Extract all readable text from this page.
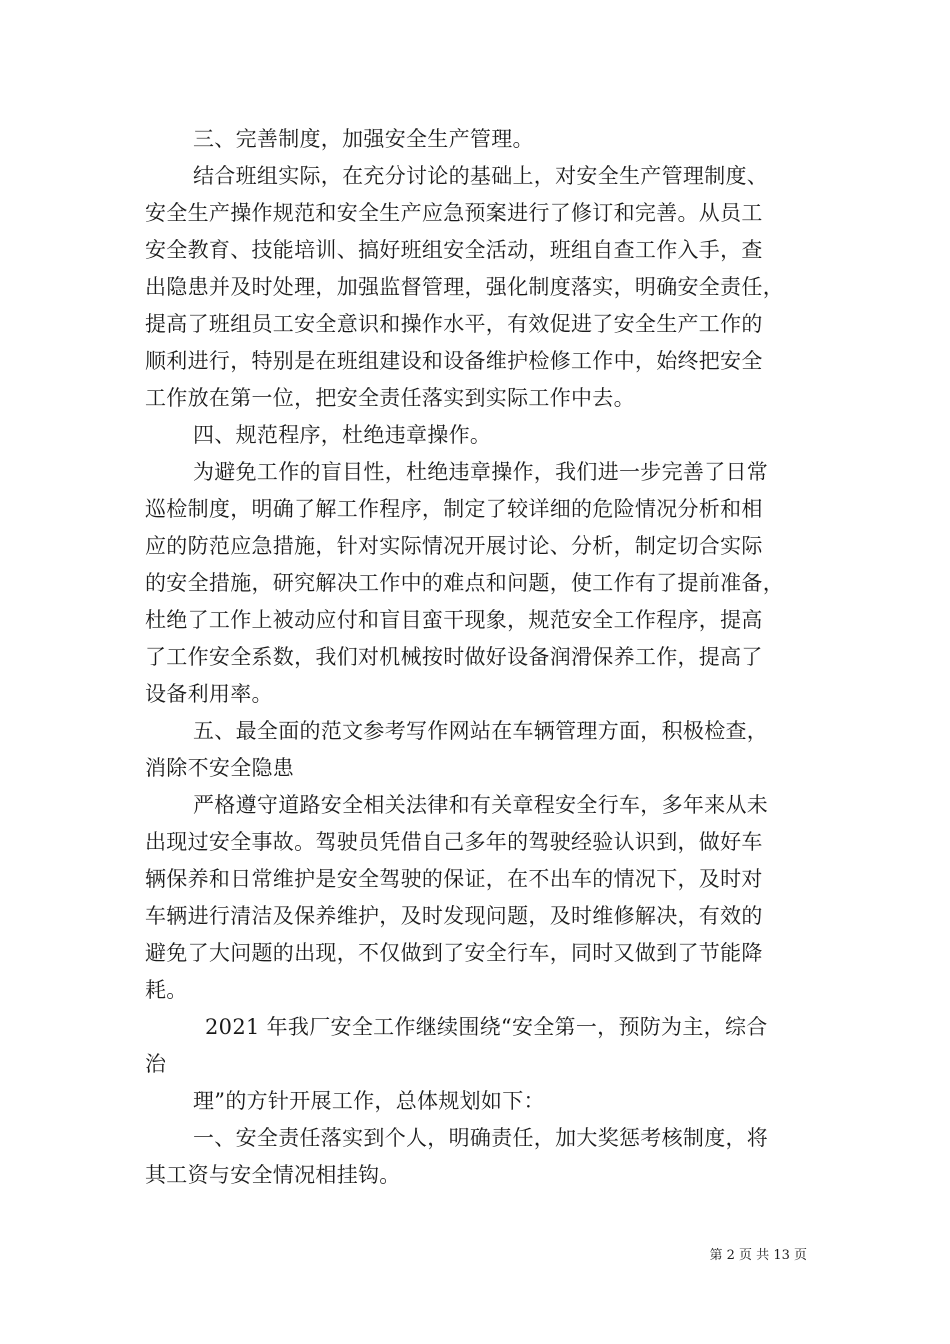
三、完善制度，加强安全生产管理。
结合班组实际，在充分讨论的基础上，对安全生产管理制度、
安全生产操作规范和安全生产应急预案进行了修订和完善。从员工
安全教育、技能培训、搞好班组安全活动，班组自查工作入手，查
出隐患并及时处理，加强监督管理，强化制度落实，明确安全责任，
提高了班组员工安全意识和操作水平，有效促进了安全生产工作的
顺利进行，特别是在班组建设和设备维护检修工作中，始终把安全
工作放在第一位，把安全责任落实到实际工作中去。
四、规范程序，杜绝违章操作。
为避免工作的盲目性，杜绝违章操作，我们进一步完善了日常
巡检制度，明确了解工作程序，制定了较详细的危险情况分析和相
应的防范应急措施，针对实际情况开展讨论、分析，制定切合实际
的安全措施，研究解决工作中的难点和问题，使工作有了提前准备，
杜绝了工作上被动应付和盲目蛮干现象，规范安全工作程序，提高
了工作安全系数，我们对机械按时做好设备润滑保养工作，提高了
设备利用率。
五、最全面的范文参考写作网站在车辆管理方面，积极检查，
消除不安全隐患
严格遵守道路安全相关法律和有关章程安全行车，多年来从未
出现过安全事故。驾驶员凭借自己多年的驾驶经验认识到，做好车
辆保养和日常维护是安全驾驶的保证，在不出车的情况下，及时对
车辆进行清洁及保养维护，及时发现问题，及时维修解决，有效的
避免了大问题的出现，不仅做到了安全行车，同时又做到了节能降
耗。
2021 年我厂安全工作继续围绕“安全第一，预防为主，综合
治
理”的方针开展工作，总体规划如下：
一、安全责任落实到个人，明确责任，加大奖惩考核制度，将
其工资与安全情况相挂钩。
第 2 页 共 13 页
